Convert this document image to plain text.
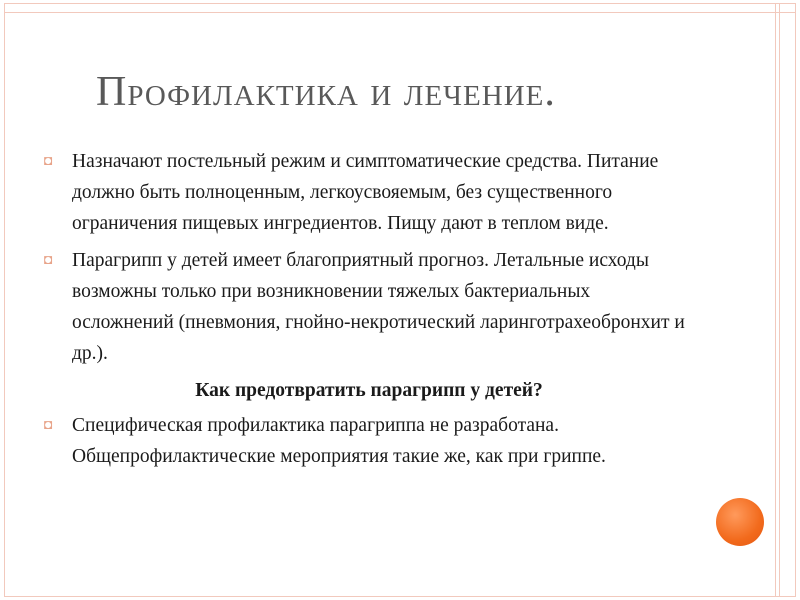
Профилактика и лечение.
◘ Назначают постельный режим и симптоматические средства. Питание должно быть полноценным, легкоусвояемым, без существенного ограничения пищевых ингредиентов. Пищу дают в теплом виде.
◘ Парагрипп у детей имеет благоприятный прогноз. Летальные исходы возможны только при возникновении тяжелых бактериальных осложнений (пневмония, гнойно-некротический ларинготрахеобронхит и др.).
Как предотвратить парагрипп у детей?
◘ Специфическая профилактика парагриппа не разработана. Общепрофилактические мероприятия такие же, как при гриппе.
